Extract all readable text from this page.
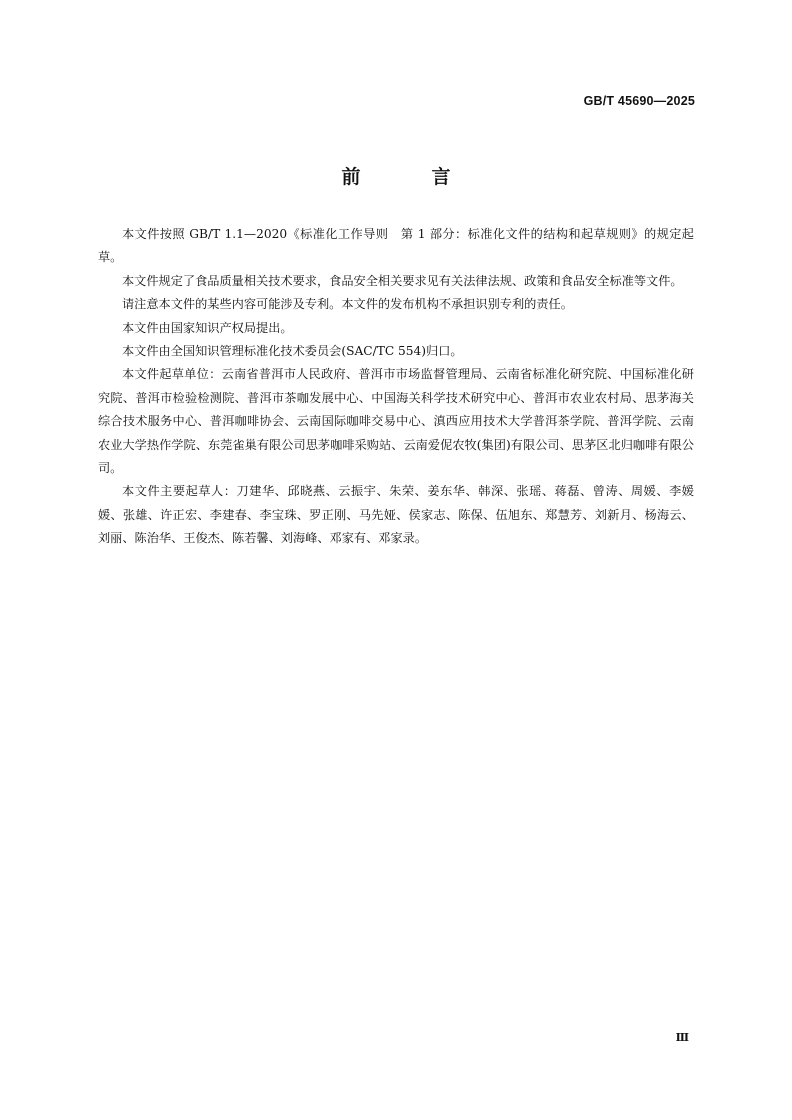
GB/T 45690—2025
前　言

本文件按照 GB/T 1.1—2020《标准化工作导则　第 1 部分：标准化文件的结构和起草规则》的规定起草。

本文件规定了食品质量相关技术要求，食品安全相关要求见有关法律法规、政策和食品安全标准等文件。

请注意本文件的某些内容可能涉及专利。本文件的发布机构不承担识别专利的责任。

本文件由国家知识产权局提出。

本文件由全国知识管理标准化技术委员会(SAC/TC 554)归口。

本文件起草单位：云南省普洱市人民政府、普洱市市场监督管理局、云南省标准化研究院、中国标准化研究院、普洱市检验检测院、普洱市茶咖发展中心、中国海关科学技术研究中心、普洱市农业农村局、思茅海关综合技术服务中心、普洱咖啡协会、云南国际咖啡交易中心、滇西应用技术大学普洱茶学院、普洱学院、云南农业大学热作学院、东莞雀巢有限公司思茅咖啡采购站、云南爱伲农牧(集团)有限公司、思茅区北归咖啡有限公司。

本文件主要起草人：刀建华、邱晓燕、云振宇、朱荣、姜东华、韩深、张瑶、蒋磊、曾涛、周媛、李媛媛、张雄、许正宏、李建春、李宝珠、罗正刚、马先娅、侯家志、陈保、伍旭东、郑慧芳、刘新月、杨海云、刘丽、陈治华、王俊杰、陈若馨、刘海峰、邓家有、邓家录。

Ⅲ
